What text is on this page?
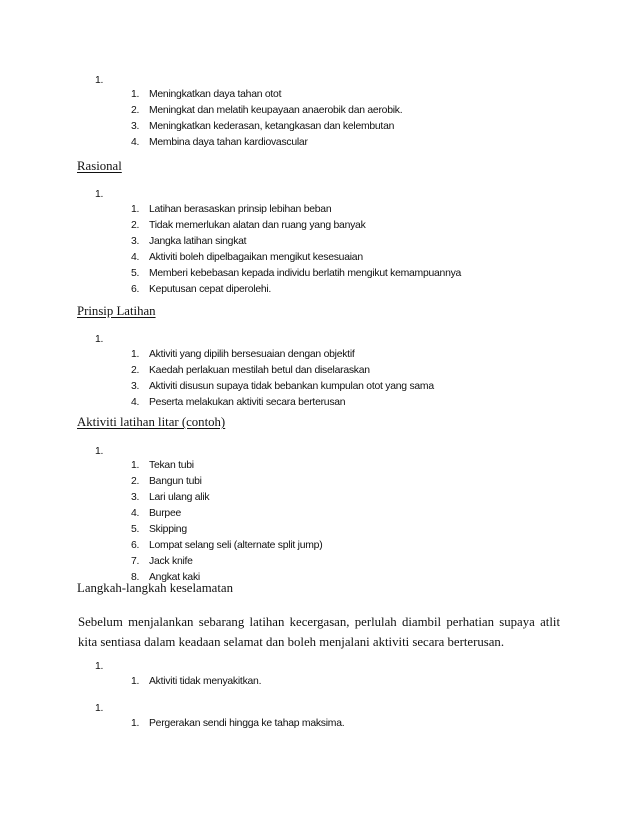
1.
1. Meningkatkan daya tahan otot
2. Meningkat dan melatih keupayaan anaerobik dan aerobik.
3. Meningkatkan kederasan, ketangkasan dan kelembutan
4. Membina daya tahan kardiovascular
Rasional
1.
1. Latihan berasaskan prinsip lebihan beban
2. Tidak memerlukan alatan dan ruang yang banyak
3. Jangka latihan singkat
4. Aktiviti boleh dipelbagaikan mengikut kesesuaian
5. Memberi kebebasan kepada individu berlatih mengikut kemampuannya
6. Keputusan cepat diperolehi.
Prinsip Latihan
1.
1. Aktiviti yang dipilih bersesuaian dengan objektif
2. Kaedah perlakuan mestilah betul dan diselaraskan
3. Aktiviti disusun supaya tidak bebankan kumpulan otot yang sama
4. Peserta melakukan aktiviti secara berterusan
Aktiviti latihan litar (contoh)
1.
1. Tekan tubi
2. Bangun tubi
3. Lari ulang alik
4. Burpee
5. Skipping
6. Lompat selang seli (alternate split jump)
7. Jack knife
8. Angkat kaki
Langkah-langkah keselamatan
Sebelum menjalankan sebarang latihan kecergasan, perlulah diambil perhatian supaya atlit kita sentiasa dalam keadaan selamat dan boleh menjalani aktiviti secara berterusan.
1.
1. Aktiviti tidak menyakitkan.
1.
1. Pergerakan sendi hingga ke tahap maksima.
